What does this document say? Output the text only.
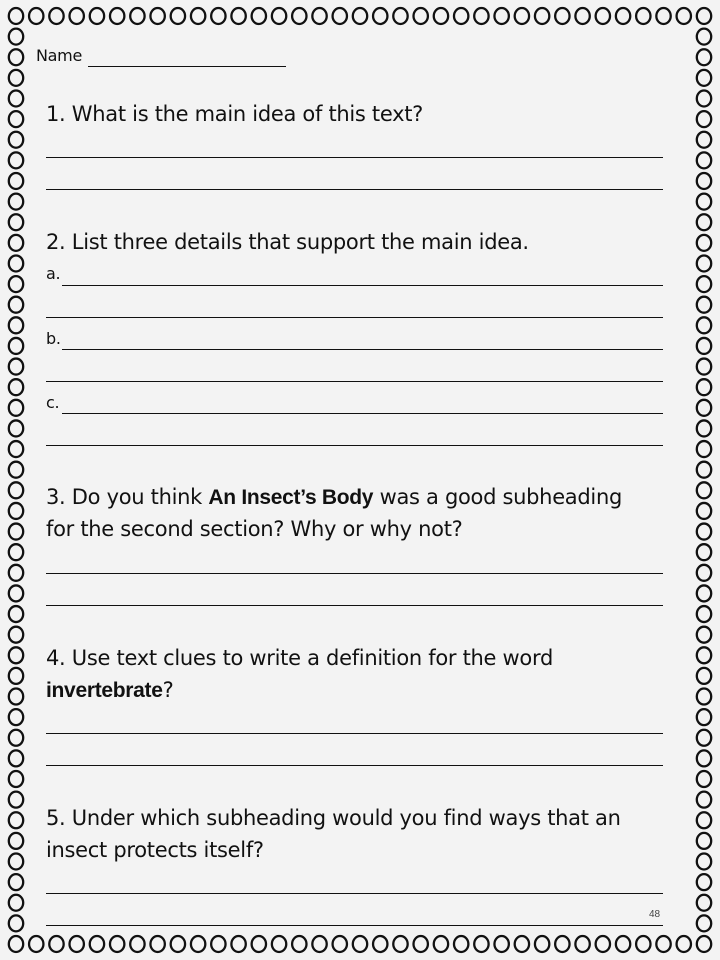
Name
1. What is the main idea of this text?
2. List three details that support the main idea.
a.
b.
c.
3. Do you think An Insect’s Body was a good subheading
for the second section? Why or why not?
4. Use text clues to write a definition for the word
invertebrate?
5. Under which subheading would you find ways that an
insect protects itself?
48
